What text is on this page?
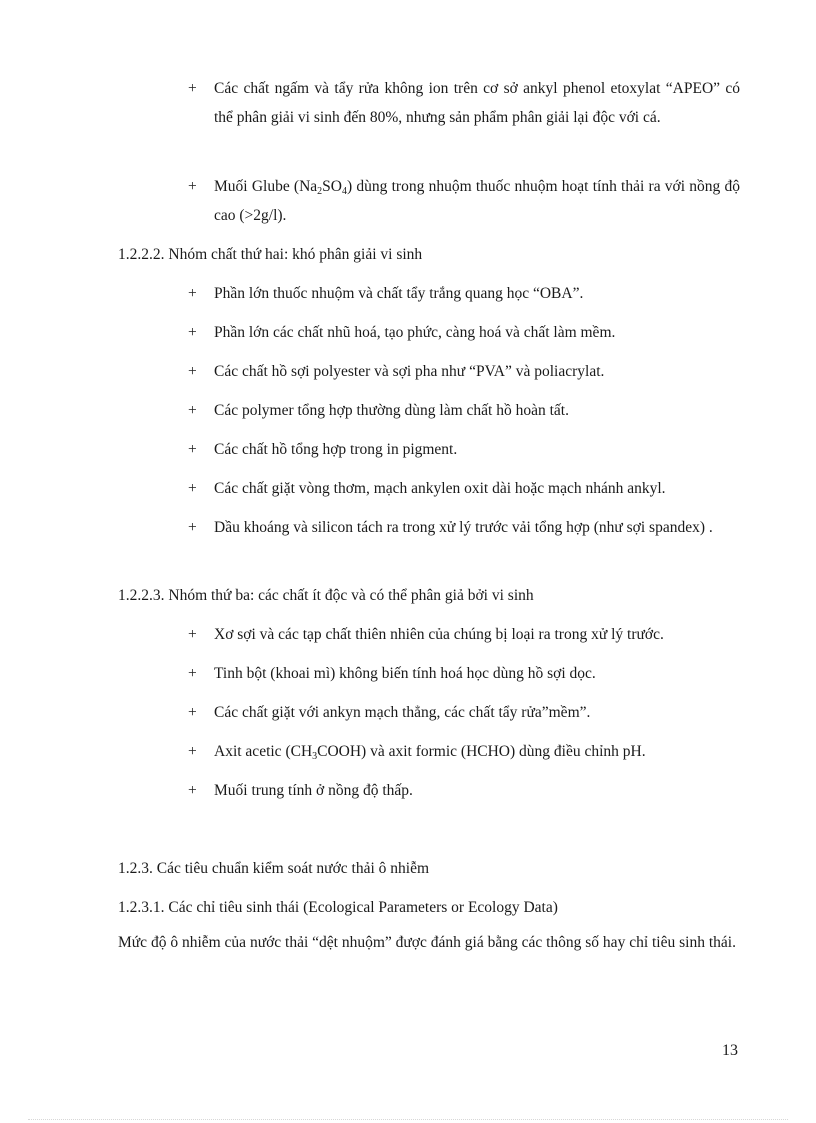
+	Các chất ngấm và tẩy rửa không ion trên cơ sở ankyl phenol etoxylat “APEO” có thể phân giải vi sinh đến 80%, nhưng sản phẩm phân giải lại độc với cá.
+	Muối Glube $(Na_2SO_4)$ dùng trong nhuộm thuốc nhuộm hoạt tính thải ra với nồng độ cao (>2g/l).
1.2.2.2. Nhóm chất thứ hai: khó phân giải vi sinh
+	Phần lớn thuốc nhuộm và chất tẩy trắng quang học “OBA”.
+	Phần lớn các chất nhũ hoá, tạo phức, càng hoá và chất làm mềm.
+	Các chất hồ sợi polyester và sợi pha như “PVA” và poliacrylat.
+	Các polymer tổng hợp thường dùng làm chất hồ hoàn tất.
+	Các chất hồ tổng hợp trong in pigment.
+	Các chất giặt vòng thơm, mạch ankylen oxit dài hoặc mạch nhánh ankyl.
+	Dầu khoáng và silicon tách ra trong xử lý trước vải tổng hợp (như sợi spandex) .
1.2.2.3. Nhóm thứ ba: các chất ít độc và có thể phân giả bởi vi sinh
+	Xơ sợi và các tạp chất thiên nhiên của chúng bị loại ra trong xử lý trước.
+	Tinh bột (khoai mì) không biến tính hoá học dùng hồ sợi dọc.
+	Các chất giặt với ankyn mạch thẳng, các chất tẩy rửa”mềm”.
+	Axit acetic $(CH_3COOH)$ và axit formic (HCHO) dùng điều chỉnh pH.
+	Muối trung tính ở nồng độ thấp.
1.2.3. Các tiêu chuẩn kiểm soát nước thải ô nhiễm
1.2.3.1. Các chỉ tiêu sinh thái (Ecological Parameters or Ecology Data)
Mức độ ô nhiễm của nước thải “dệt nhuộm” được đánh giá bằng các thông số hay chỉ tiêu sinh thái.
13
